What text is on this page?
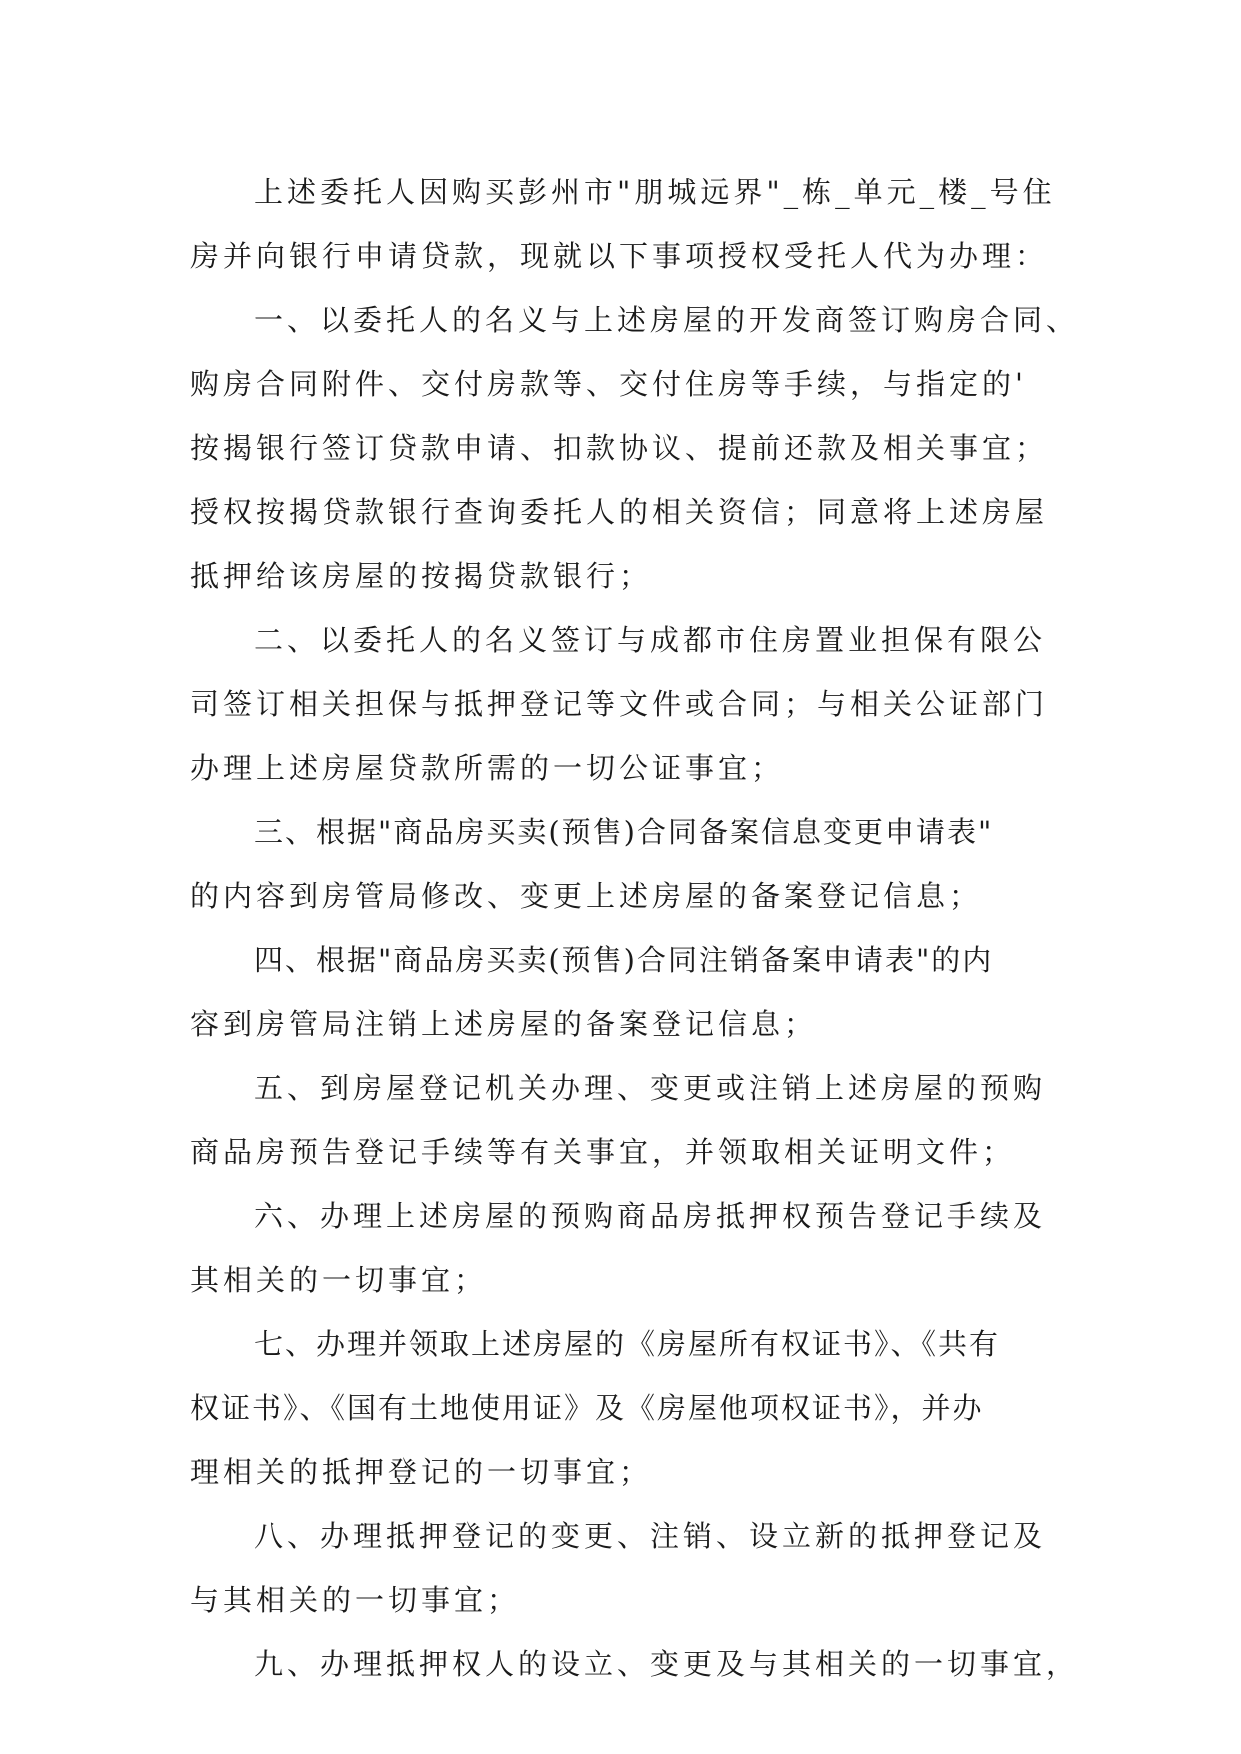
上述委托人因购买彭州市"朋城远界"_栋_单元_楼_号住
房并向银行申请贷款，现就以下事项授权受托人代为办理：
一、以委托人的名义与上述房屋的开发商签订购房合同、
购房合同附件、交付房款等、交付住房等手续，与指定的'
按揭银行签订贷款申请、扣款协议、提前还款及相关事宜；
授权按揭贷款银行查询委托人的相关资信；同意将上述房屋
抵押给该房屋的按揭贷款银行；
二、以委托人的名义签订与成都市住房置业担保有限公
司签订相关担保与抵押登记等文件或合同；与相关公证部门
办理上述房屋贷款所需的一切公证事宜；
三、根据"商品房买卖(预售)合同备案信息变更申请表"
的内容到房管局修改、变更上述房屋的备案登记信息；
四、根据"商品房买卖(预售)合同注销备案申请表"的内
容到房管局注销上述房屋的备案登记信息；
五、到房屋登记机关办理、变更或注销上述房屋的预购
商品房预告登记手续等有关事宜，并领取相关证明文件；
六、办理上述房屋的预购商品房抵押权预告登记手续及
其相关的一切事宜；
七、办理并领取上述房屋的《房屋所有权证书》、《共有
权证书》、《国有土地使用证》及《房屋他项权证书》，并办
理相关的抵押登记的一切事宜；
八、办理抵押登记的变更、注销、设立新的抵押登记及
与其相关的一切事宜；
九、办理抵押权人的设立、变更及与其相关的一切事宜，
